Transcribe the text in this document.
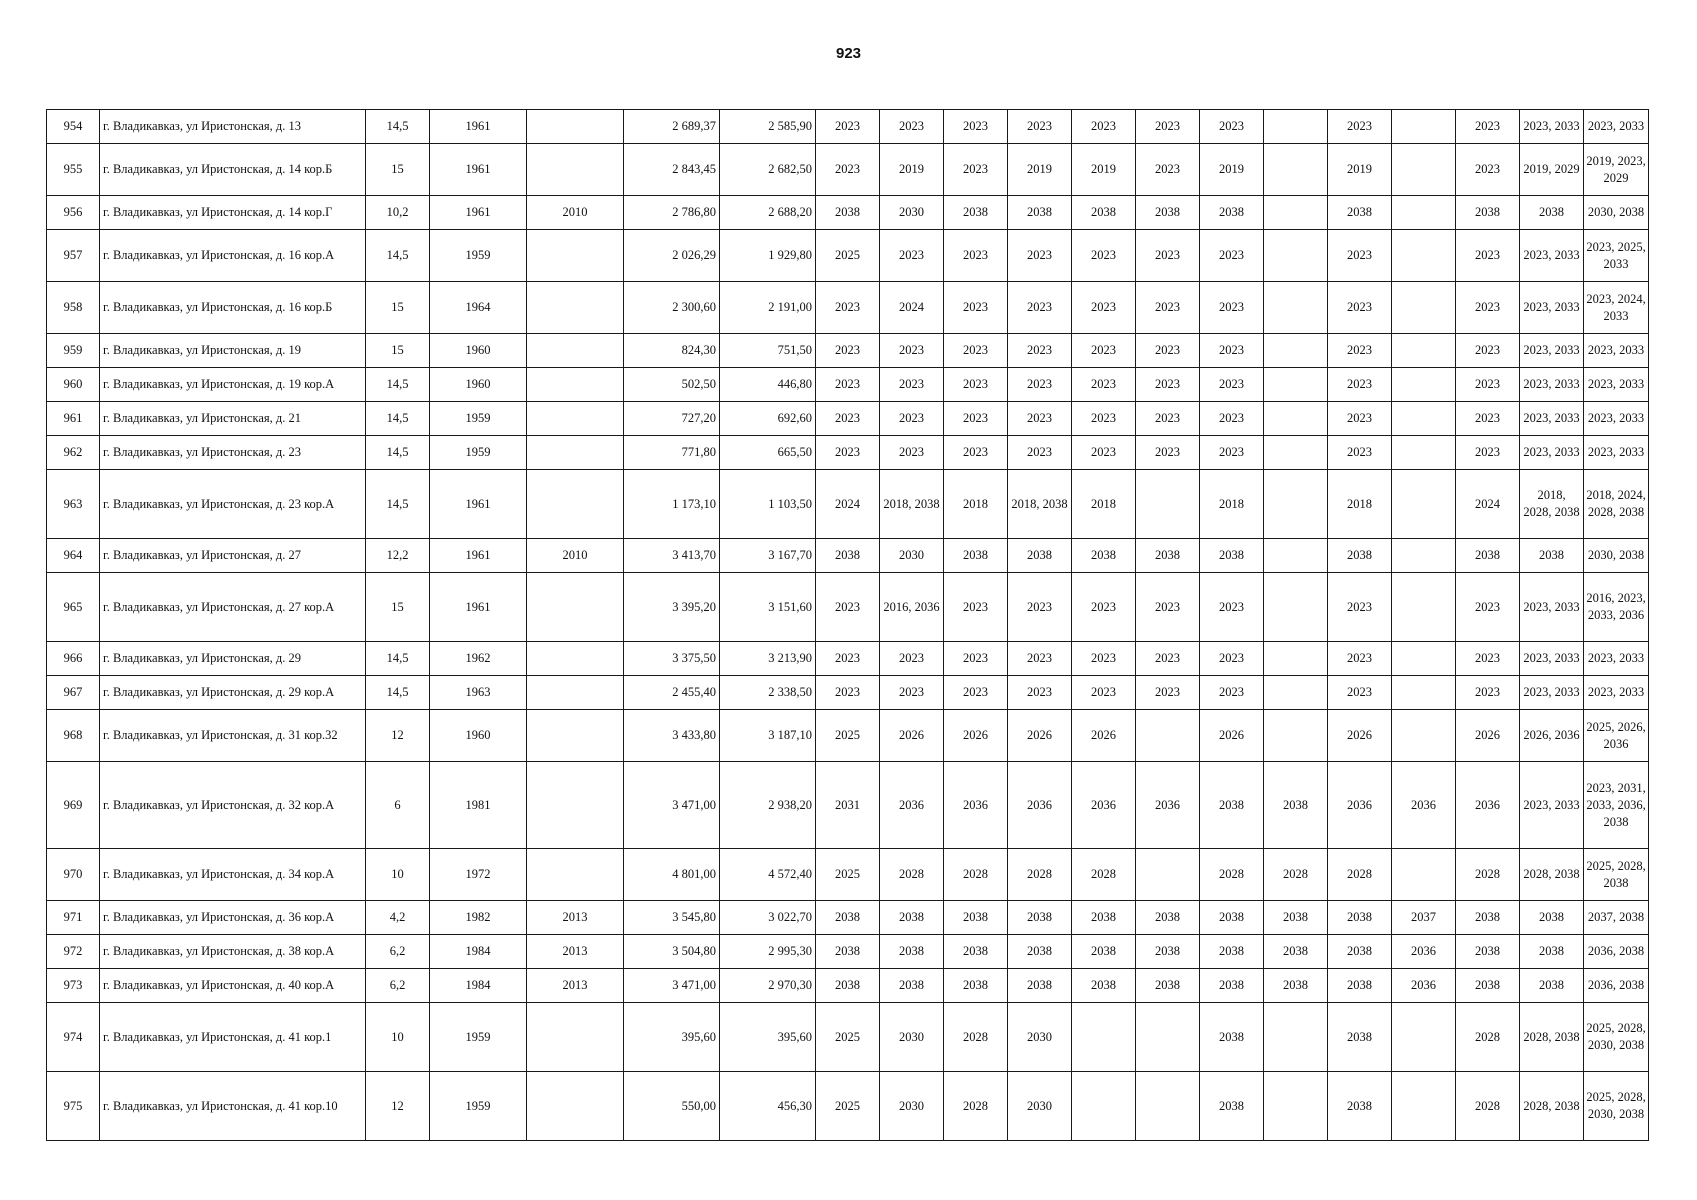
923
954	г. Владикавказ, ул Иристонская, д. 13	14,5	1961		2 689,37	2 585,90	2023	2023	2023	2023	2023	2023	2023		2023		2023	2023, 2033	2023, 2033
955	г. Владикавказ, ул Иристонская, д. 14 кор.Б	15	1961		2 843,45	2 682,50	2023	2019	2023	2019	2019	2023	2019		2019		2023	2019, 2029	2019, 2023, 2029
956	г. Владикавказ, ул Иристонская, д. 14 кор.Г	10,2	1961	2010	2 786,80	2 688,20	2038	2030	2038	2038	2038	2038	2038		2038		2038	2038	2030, 2038
957	г. Владикавказ, ул Иристонская, д. 16 кор.А	14,5	1959		2 026,29	1 929,80	2025	2023	2023	2023	2023	2023	2023		2023		2023	2023, 2033	2023, 2025, 2033
958	г. Владикавказ, ул Иристонская, д. 16 кор.Б	15	1964		2 300,60	2 191,00	2023	2024	2023	2023	2023	2023	2023		2023		2023	2023, 2033	2023, 2024, 2033
959	г. Владикавказ, ул Иристонская, д. 19	15	1960		824,30	751,50	2023	2023	2023	2023	2023	2023	2023		2023		2023	2023, 2033	2023, 2033
960	г. Владикавказ, ул Иристонская, д. 19 кор.А	14,5	1960		502,50	446,80	2023	2023	2023	2023	2023	2023	2023		2023		2023	2023, 2033	2023, 2033
961	г. Владикавказ, ул Иристонская, д. 21	14,5	1959		727,20	692,60	2023	2023	2023	2023	2023	2023	2023		2023		2023	2023, 2033	2023, 2033
962	г. Владикавказ, ул Иристонская, д. 23	14,5	1959		771,80	665,50	2023	2023	2023	2023	2023	2023	2023		2023		2023	2023, 2033	2023, 2033
963	г. Владикавказ, ул Иристонская, д. 23 кор.А	14,5	1961		1 173,10	1 103,50	2024	2018, 2038	2018	2018, 2038	2018		2018		2018		2024	2018, 2028, 2038	2018, 2024, 2028, 2038
964	г. Владикавказ, ул Иристонская, д. 27	12,2	1961	2010	3 413,70	3 167,70	2038	2030	2038	2038	2038	2038	2038		2038		2038	2038	2030, 2038
965	г. Владикавказ, ул Иристонская, д. 27 кор.А	15	1961		3 395,20	3 151,60	2023	2016, 2036	2023	2023	2023	2023	2023		2023		2023	2023, 2033	2016, 2023, 2033, 2036
966	г. Владикавказ, ул Иристонская, д. 29	14,5	1962		3 375,50	3 213,90	2023	2023	2023	2023	2023	2023	2023		2023		2023	2023, 2033	2023, 2033
967	г. Владикавказ, ул Иристонская, д. 29 кор.А	14,5	1963		2 455,40	2 338,50	2023	2023	2023	2023	2023	2023	2023		2023		2023	2023, 2033	2023, 2033
968	г. Владикавказ, ул Иристонская, д. 31 кор.32	12	1960		3 433,80	3 187,10	2025	2026	2026	2026	2026		2026		2026		2026	2026, 2036	2025, 2026, 2036
969	г. Владикавказ, ул Иристонская, д. 32 кор.А	6	1981		3 471,00	2 938,20	2031	2036	2036	2036	2036	2036	2038	2038	2036	2036	2036	2023, 2033	2023, 2031, 2033, 2036, 2038
970	г. Владикавказ, ул Иристонская, д. 34 кор.А	10	1972		4 801,00	4 572,40	2025	2028	2028	2028	2028		2028	2028	2028		2028	2028, 2038	2025, 2028, 2038
971	г. Владикавказ, ул Иристонская, д. 36 кор.А	4,2	1982	2013	3 545,80	3 022,70	2038	2038	2038	2038	2038	2038	2038	2038	2038	2037	2038	2038	2037, 2038
972	г. Владикавказ, ул Иристонская, д. 38 кор.А	6,2	1984	2013	3 504,80	2 995,30	2038	2038	2038	2038	2038	2038	2038	2038	2038	2036	2038	2038	2036, 2038
973	г. Владикавказ, ул Иристонская, д. 40 кор.А	6,2	1984	2013	3 471,00	2 970,30	2038	2038	2038	2038	2038	2038	2038	2038	2038	2036	2038	2038	2036, 2038
974	г. Владикавказ, ул Иристонская, д. 41 кор.1	10	1959		395,60	395,60	2025	2030	2028	2030			2038		2038		2028	2028, 2038	2025, 2028, 2030, 2038
975	г. Владикавказ, ул Иристонская, д. 41 кор.10	12	1959		550,00	456,30	2025	2030	2028	2030			2038		2038		2028	2028, 2038	2025, 2028, 2030, 2038
